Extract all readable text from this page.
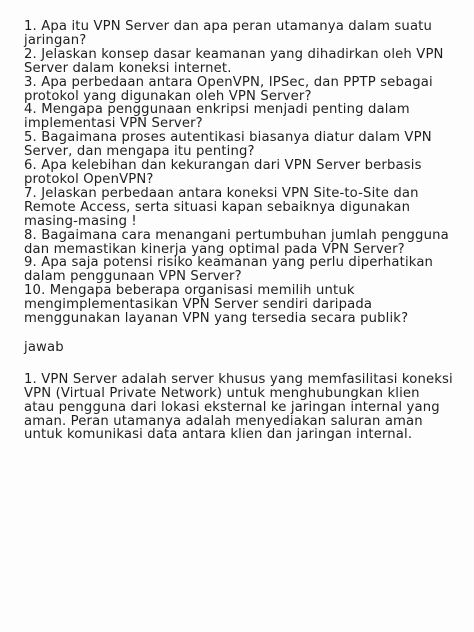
1. Apa itu VPN Server dan apa peran utamanya dalam suatu jaringan?

2. Jelaskan konsep dasar keamanan yang dihadirkan oleh VPN Server dalam koneksi internet.

3. Apa perbedaan antara OpenVPN, IPSec, dan PPTP sebagai protokol yang digunakan oleh VPN Server?

4. Mengapa penggunaan enkripsi menjadi penting dalam implementasi VPN Server?

5. Bagaimana proses autentikasi biasanya diatur dalam VPN Server, dan mengapa itu penting?

6. Apa kelebihan dan kekurangan dari VPN Server berbasis protokol OpenVPN?

7. Jelaskan perbedaan antara koneksi VPN Site-to-Site dan Remote Access, serta situasi kapan sebaiknya digunakan masing-masing !

8. Bagaimana cara menangani pertumbuhan jumlah pengguna dan memastikan kinerja yang optimal pada VPN Server?

9. Apa saja potensi risiko keamanan yang perlu diperhatikan dalam penggunaan VPN Server?

10. Mengapa beberapa organisasi memilih untuk mengimplementasikan VPN Server sendiri daripada menggunakan layanan VPN yang tersedia secara publik?

jawab

1. VPN Server adalah server khusus yang memfasilitasi koneksi VPN (Virtual Private Network) untuk menghubungkan klien atau pengguna dari lokasi eksternal ke jaringan internal yang aman. Peran utamanya adalah menyediakan saluran aman untuk komunikasi data antara klien dan jaringan internal.
